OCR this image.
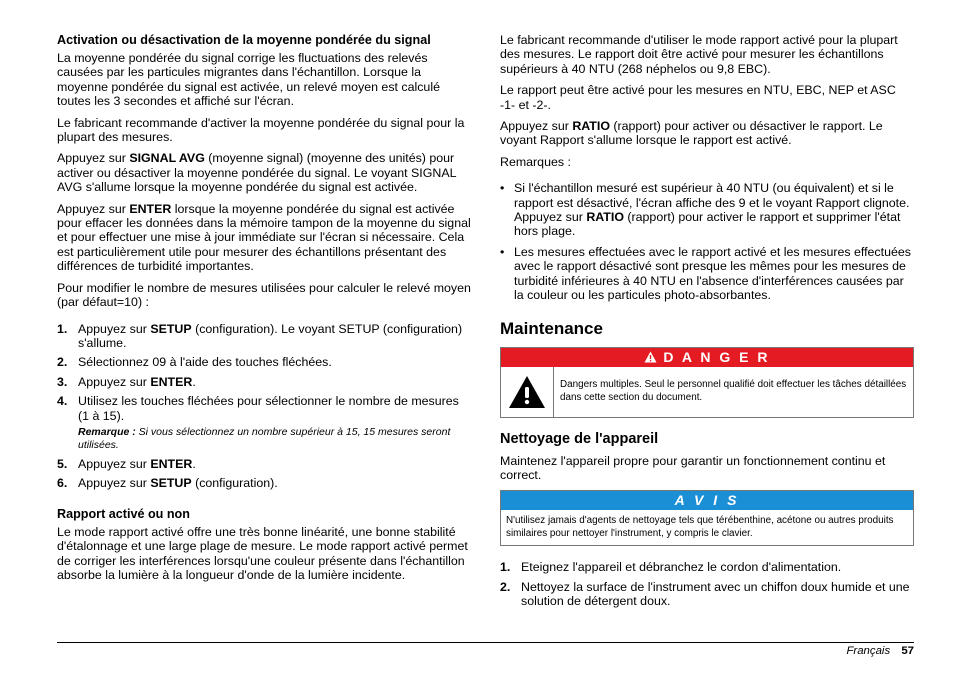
Activation ou désactivation de la moyenne pondérée du signal

La moyenne pondérée du signal corrige les fluctuations des relevés causées par les particules migrantes dans l'échantillon. Lorsque la moyenne pondérée du signal est activée, un relevé moyen est calculé toutes les 3 secondes et affiché sur l'écran.

Le fabricant recommande d'activer la moyenne pondérée du signal pour la plupart des mesures.

Appuyez sur SIGNAL AVG (moyenne signal) (moyenne des unités) pour activer ou désactiver la moyenne pondérée du signal. Le voyant SIGNAL AVG s'allume lorsque la moyenne pondérée du signal est activée.

Appuyez sur ENTER lorsque la moyenne pondérée du signal est activée pour effacer les données dans la mémoire tampon de la moyenne du signal et pour effectuer une mise à jour immédiate sur l'écran si nécessaire. Cela est particulièrement utile pour mesurer des échantillons présentant des différences de turbidité importantes.

Pour modifier le nombre de mesures utilisées pour calculer le relevé moyen (par défaut=10) :

1. Appuyez sur SETUP (configuration). Le voyant SETUP (configuration) s'allume.
2. Sélectionnez 09 à l'aide des touches fléchées.
3. Appuyez sur ENTER.
4. Utilisez les touches fléchées pour sélectionner le nombre de mesures (1 à 15).
Remarque : Si vous sélectionnez un nombre supérieur à 15, 15 mesures seront utilisées.
5. Appuyez sur ENTER.
6. Appuyez sur SETUP (configuration).
Rapport activé ou non

Le mode rapport activé offre une très bonne linéarité, une bonne stabilité d'étalonnage et une large plage de mesure. Le mode rapport activé permet de corriger les interférences lorsqu'une couleur présente dans l'échantillon absorbe la lumière à la longueur d'onde de la lumière incidente.

Le fabricant recommande d'utiliser le mode rapport activé pour la plupart des mesures. Le rapport doit être activé pour mesurer les échantillons supérieurs à 40 NTU (268 néphelos ou 9,8 EBC).

Le rapport peut être activé pour les mesures en NTU, EBC, NEP et ASC -1- et -2-.

Appuyez sur RATIO (rapport) pour activer ou désactiver le rapport. Le voyant Rapport s'allume lorsque le rapport est activé.

Remarques :

• Si l'échantillon mesuré est supérieur à 40 NTU (ou équivalent) et si le rapport est désactivé, l'écran affiche des 9 et le voyant Rapport clignote. Appuyez sur RATIO (rapport) pour activer le rapport et supprimer l'état hors plage.
• Les mesures effectuées avec le rapport activé et les mesures effectuées avec le rapport désactivé sont presque les mêmes pour les mesures de turbidité inférieures à 40 NTU en l'absence d'interférences causées par la couleur ou les particules photo-absorbantes.
Maintenance
D A N G E R
Dangers multiples. Seul le personnel qualifié doit effectuer les tâches détaillées dans cette section du document.
Nettoyage de l'appareil

Maintenez l'appareil propre pour garantir un fonctionnement continu et correct.

A V I S
N'utilisez jamais d'agents de nettoyage tels que térébenthine, acétone ou autres produits similaires pour nettoyer l'instrument, y compris le clavier.
1. Eteignez l'appareil et débranchez le cordon d'alimentation.
2. Nettoyez la surface de l'instrument avec un chiffon doux humide et une solution de détergent doux.
Français 57
